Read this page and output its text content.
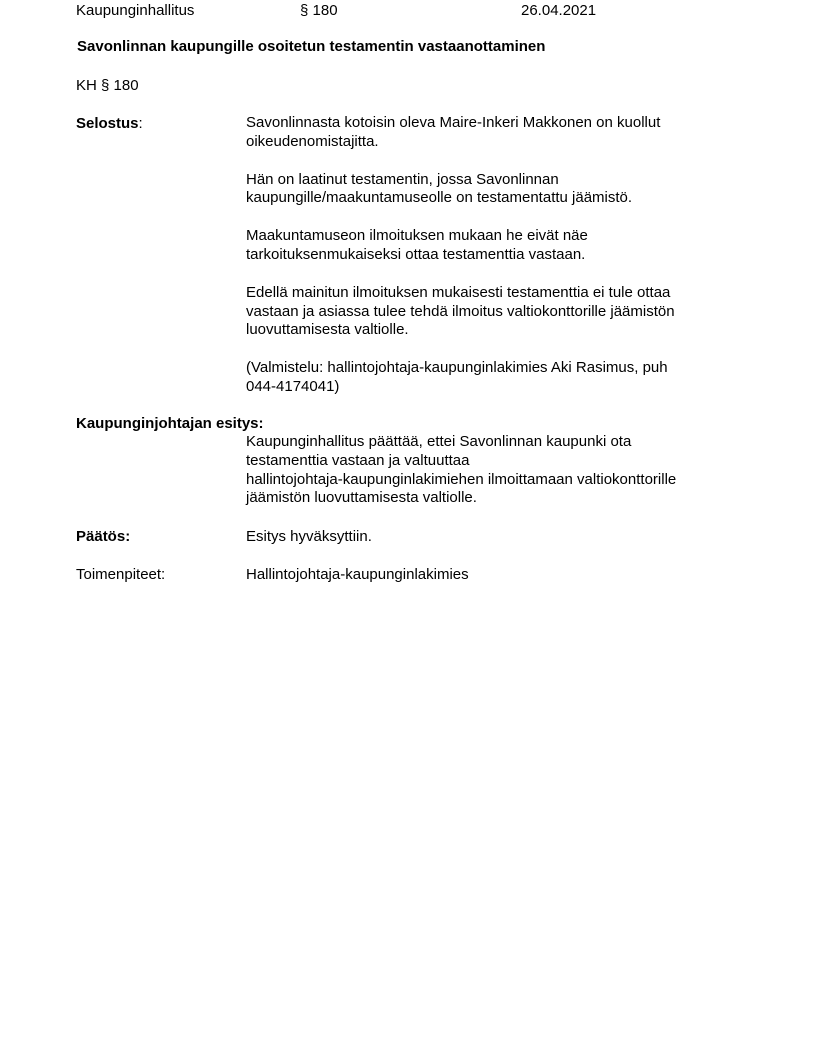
Kaupunginhallitus	§ 180	26.04.2021
Savonlinnan kaupungille osoitetun testamentin vastaanottaminen
KH § 180
Selostus:	Savonlinnasta kotoisin oleva Maire-Inkeri Makkonen on kuollut
oikeudenomistajitta.

Hän on laatinut testamentin, jossa Savonlinnan
kaupungille/maakuntamuseolle on testamentattu jäämistö.

Maakuntamuseon ilmoituksen mukaan he eivät näe
tarkoituksenmukaiseksi ottaa testamenttia vastaan.

Edellä mainitun ilmoituksen mukaisesti testamenttia ei tule ottaa
vastaan ja asiassa tulee tehdä ilmoitus valtiokonttorille jäämistön
luovuttamisesta valtiolle.

(Valmistelu: hallintojohtaja-kaupunginlakimies Aki Rasimus, puh
044-4174041)

Kaupunginjohtajan esitys:

Kaupunginhallitus päättää, ettei Savonlinnan kaupunki ota
testamenttia vastaan ja valtuuttaa
hallintojohtaja-kaupunginlakimiehen ilmoittamaan valtiokonttorille
jäämistön luovuttamisesta valtiolle.

Päätös:	Esitys hyväksyttiin.

Toimenpiteet:	Hallintojohtaja-kaupunginlakimies
